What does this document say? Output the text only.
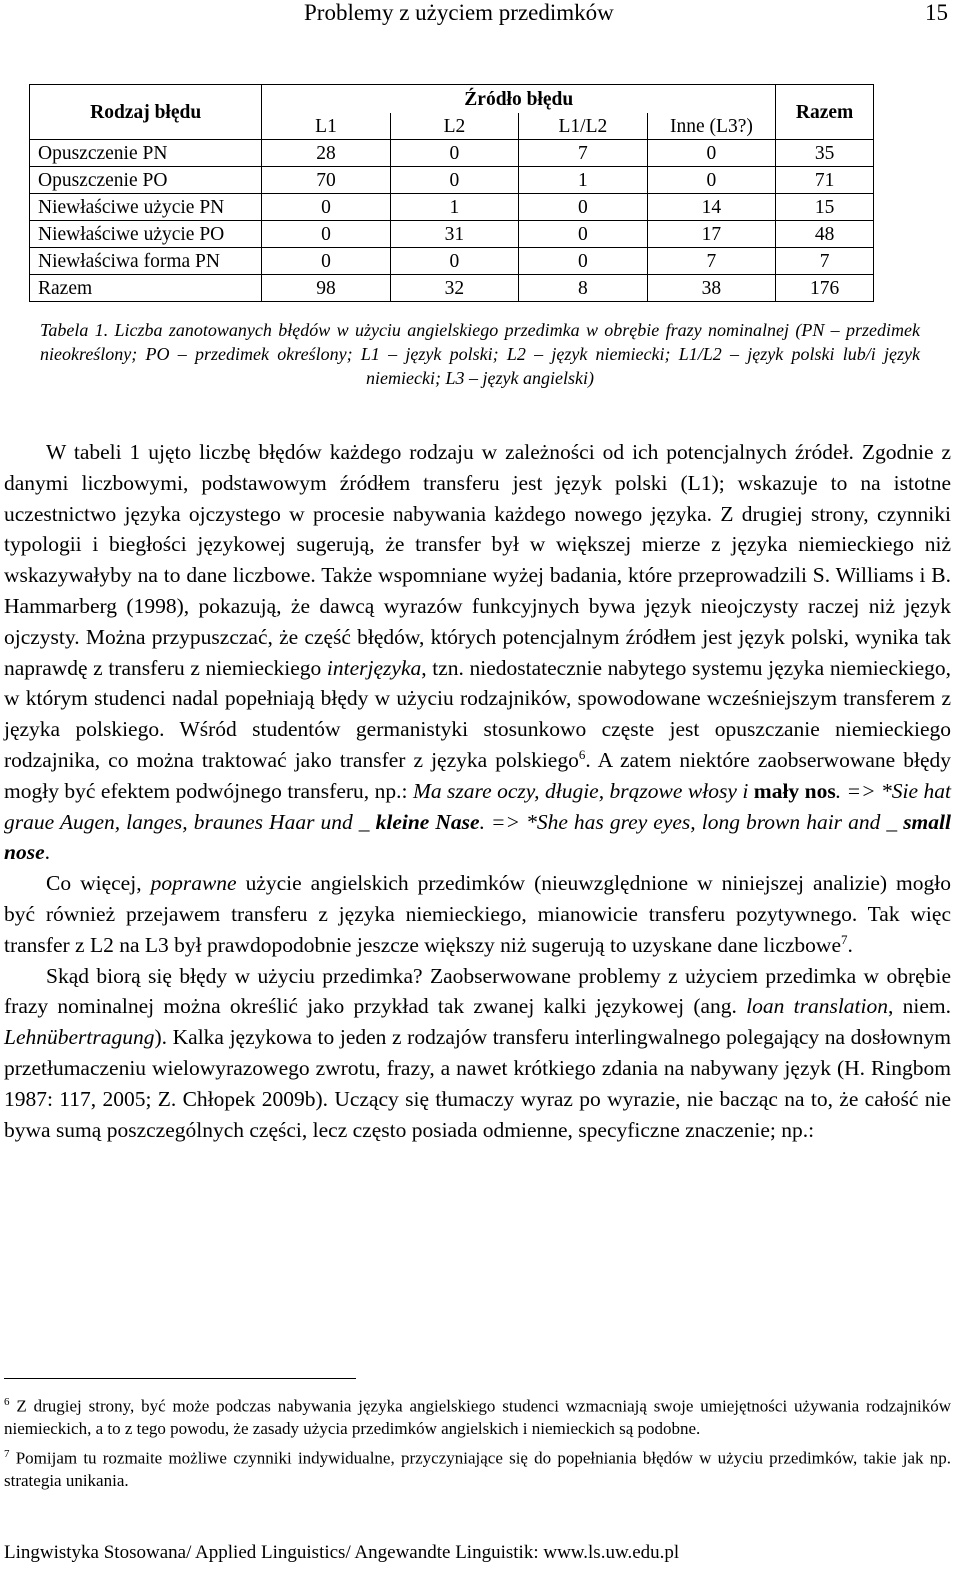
Problemy z użyciem przedimków	15
Rodzaj błędu	Źródło błędu				Razem
	L1	L2	L1/L2	Inne (L3?)	
Opuszczenie PN	28	0	7	0	35
Opuszczenie PO	70	0	1	0	71
Niewłaściwe użycie PN	0	1	0	14	15
Niewłaściwe użycie PO	0	31	0	17	48
Niewłaściwa forma PN	0	0	0	7	7
Razem	98	32	8	38	176
Tabela 1. Liczba zanotowanych błędów w użyciu angielskiego przedimka w obrębie frazy nominalnej (PN – przedimek nieokreślony; PO – przedimek określony; L1 – język polski; L2 – język niemiecki; L1/L2 – język polski lub/i język niemiecki; L3 – język angielski)

W tabeli 1 ujęto liczbę błędów każdego rodzaju w zależności od ich potencjalnych źródeł. Zgodnie z danymi liczbowymi, podstawowym źródłem transferu jest język polski (L1); wskazuje to na istotne uczestnictwo języka ojczystego w procesie nabywania każdego nowego języka. Z drugiej strony, czynniki typologii i biegłości językowej sugerują, że transfer był w większej mierze z języka niemieckiego niż wskazywałyby na to dane liczbowe. Także wspomniane wyżej badania, które przeprowadzili S. Williams i B. Hammarberg (1998), pokazują, że dawcą wyrazów funkcyjnych bywa język nieojczysty raczej niż język ojczysty. Można przypuszczać, że część błędów, których potencjalnym źródłem jest język polski, wynika tak naprawdę z transferu z niemieckiego interjęzyka, tzn. niedostatecznie nabytego systemu języka niemieckiego, w którym studenci nadal popełniają błędy w użyciu rodzajników, spowodowane wcześniejszym transferem z języka polskiego. Wśród studentów germanistyki stosunkowo częste jest opuszczanie niemieckiego rodzajnika, co można traktować jako transfer z języka polskiego$^6$. A zatem niektóre zaobserwowane błędy mogły być efektem podwójnego transferu, np.: Ma szare oczy, długie, brązowe włosy i mały nos. => *Sie hat graue Augen, langes, braunes Haar und _ kleine Nase. => *She has grey eyes, long brown hair and _ small nose.

Co więcej, poprawne użycie angielskich przedimków (nieuwzględnione w niniejszej analizie) mogło być również przejawem transferu z języka niemieckiego, mianowicie transferu pozytywnego. Tak więc transfer z L2 na L3 był prawdopodobnie jeszcze większy niż sugerują to uzyskane dane liczbowe$^7$.

Skąd biorą się błędy w użyciu przedimka? Zaobserwowane problemy z użyciem przedimka w obrębie frazy nominalnej można określić jako przykład tak zwanej kalki językowej (ang. loan translation, niem. Lehnübertragung). Kalka językowa to jeden z rodzajów transferu interlingwalnego polegający na dosłownym przetłumaczeniu wielowyrazowego zwrotu, frazy, a nawet krótkiego zdania na nabywany język (H. Ringbom 1987: 117, 2005; Z. Chłopek 2009b). Uczący się tłumaczy wyraz po wyrazie, nie bacząc na to, że całość nie bywa sumą poszczególnych części, lecz często posiada odmienne, specyficzne znaczenie; np.:

$^6$ Z drugiej strony, być może podczas nabywania języka angielskiego studenci wzmacniają swoje umiejętności używania rodzajników niemieckich, a to z tego powodu, że zasady użycia przedimków angielskich i niemieckich są podobne.

$^7$ Pomijam tu rozmaite możliwe czynniki indywidualne, przyczyniające się do popełniania błędów w użyciu przedimków, takie jak np. strategia unikania.

Lingwistyka Stosowana/ Applied Linguistics/ Angewandte Linguistik: www.ls.uw.edu.pl
